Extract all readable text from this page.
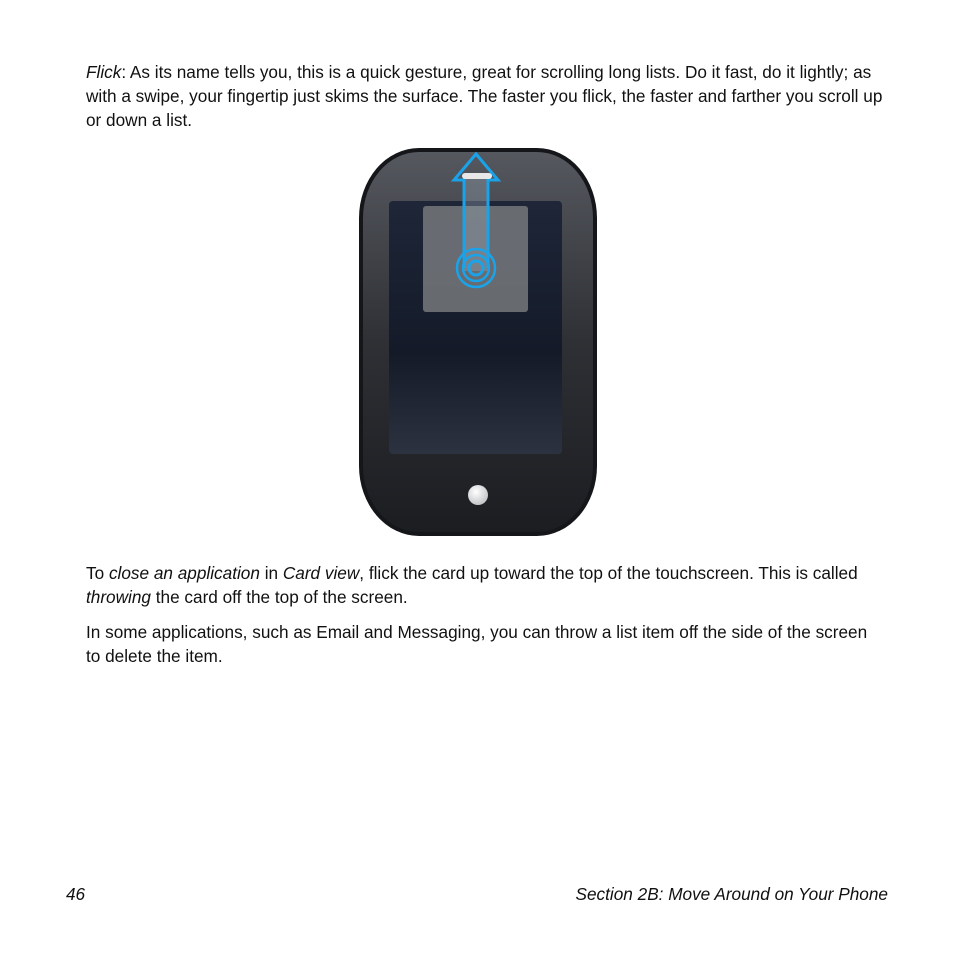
Flick: As its name tells you, this is a quick gesture, great for scrolling long lists. Do it fast, do it lightly; as with a swipe, your fingertip just skims the surface. The faster you flick, the faster and farther you scroll up or down a list.

To close an application in Card view, flick the card up toward the top of the touchscreen. This is called throwing the card off the top of the screen.

In some applications, such as Email and Messaging, you can throw a list item off the side of the screen to delete the item.

46	Section 2B: Move Around on Your Phone
